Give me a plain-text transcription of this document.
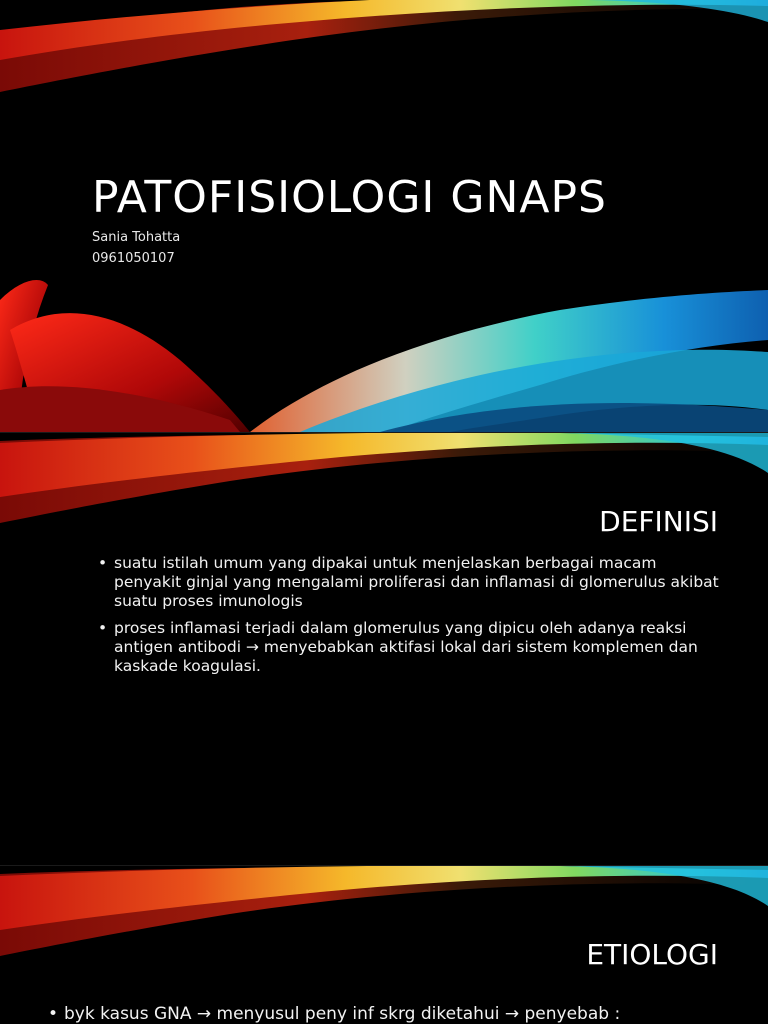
PATOFISIOLOGI GNAPS
Sania Tohatta
0961050107
DEFINISI
• suatu istilah umum yang dipakai untuk menjelaskan berbagai macam penyakit ginjal yang mengalami proliferasi dan inflamasi di glomerulus akibat suatu proses imunologis
• proses inflamasi terjadi dalam glomerulus yang dipicu oleh adanya reaksi antigen antibodi → menyebabkan aktifasi lokal dari sistem komplemen dan kaskade koagulasi.
ETIOLOGI
• byk kasus GNA → menyusul peny inf skrg diketahui → penyebab :
